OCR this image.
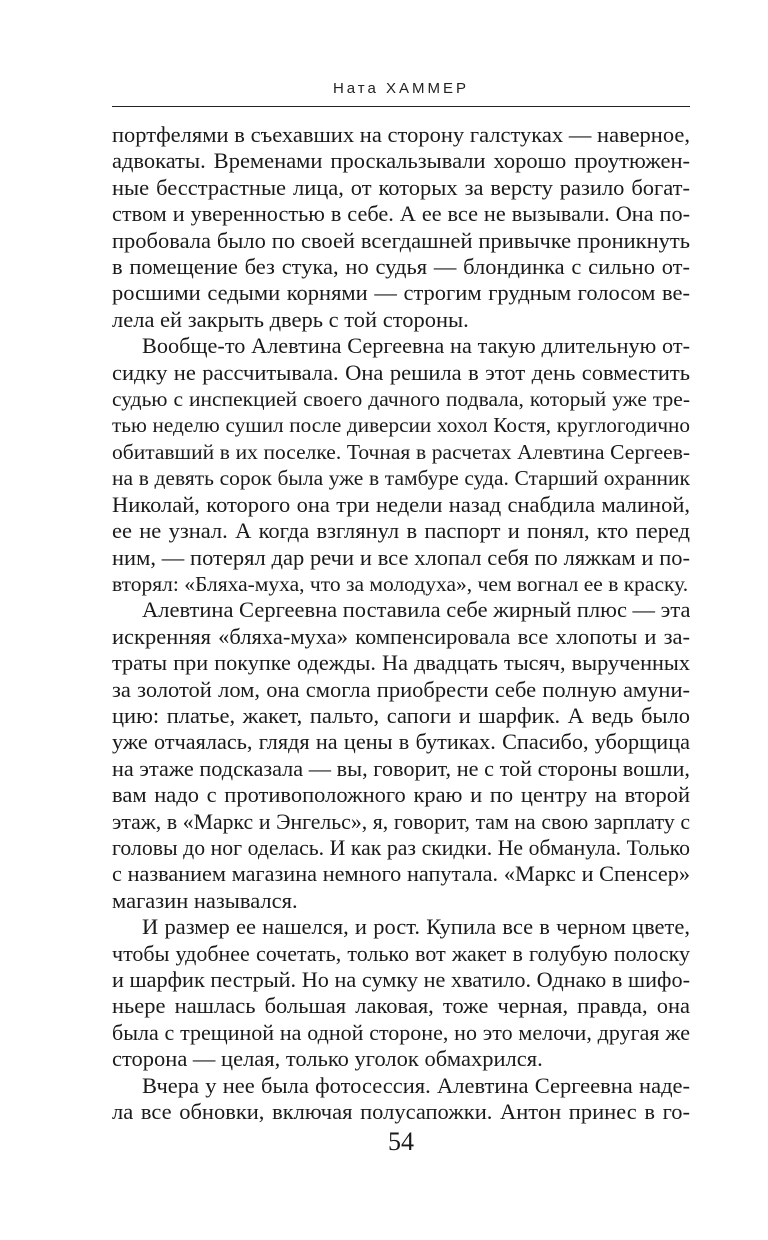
Ната ХАММЕР

портфелями в съехавших на сторону галстуках — наверное,
адвокаты. Временами проскальзывали хорошо проутюжен-
ные бесстрастные лица, от которых за версту разило богат-
ством и уверенностью в себе. А ее все не вызывали. Она по-
пробовала было по своей всегдашней привычке проникнуть
в помещение без стука, но судья — блондинка с сильно от-
росшими седыми корнями — строгим грудным голосом ве-
лела ей закрыть дверь с той стороны.

Вообще-то Алевтина Сергеевна на такую длительную от-
сидку не рассчитывала. Она решила в этот день совместить
судью с инспекцией своего дачного подвала, который уже тре-
тью неделю сушил после диверсии хохол Костя, круглогодично
обитавший в их поселке. Точная в расчетах Алевтина Сергеев-
на в девять сорок была уже в тамбуре суда. Старший охранник
Николай, которого она три недели назад снабдила малиной,
ее не узнал. А когда взглянул в паспорт и понял, кто перед
ним, — потерял дар речи и все хлопал себя по ляжкам и по-
вторял: «Бляха-муха, что за молодуха», чем вогнал ее в краску.

Алевтина Сергеевна поставила себе жирный плюс — эта
искренняя «бляха-муха» компенсировала все хлопоты и за-
траты при покупке одежды. На двадцать тысяч, вырученных
за золотой лом, она смогла приобрести себе полную амуни-
цию: платье, жакет, пальто, сапоги и шарфик. А ведь было
уже отчаялась, глядя на цены в бутиках. Спасибо, уборщица
на этаже подсказала — вы, говорит, не с той стороны вошли,
вам надо с противоположного краю и по центру на второй
этаж, в «Маркс и Энгельс», я, говорит, там на свою зарплату с
головы до ног оделась. И как раз скидки. Не обманула. Только
с названием магазина немного напутала. «Маркс и Спенсер»
магазин назывался.

И размер ее нашелся, и рост. Купила все в черном цвете,
чтобы удобнее сочетать, только вот жакет в голубую полоску
и шарфик пестрый. Но на сумку не хватило. Однако в шифо-
ньере нашлась большая лаковая, тоже черная, правда, она
была с трещиной на одной стороне, но это мелочи, другая же
сторона — целая, только уголок обмахрился.

Вчера у нее была фотосессия. Алевтина Сергеевна наде-
ла все обновки, включая полусапожки. Антон принес в го-

54
